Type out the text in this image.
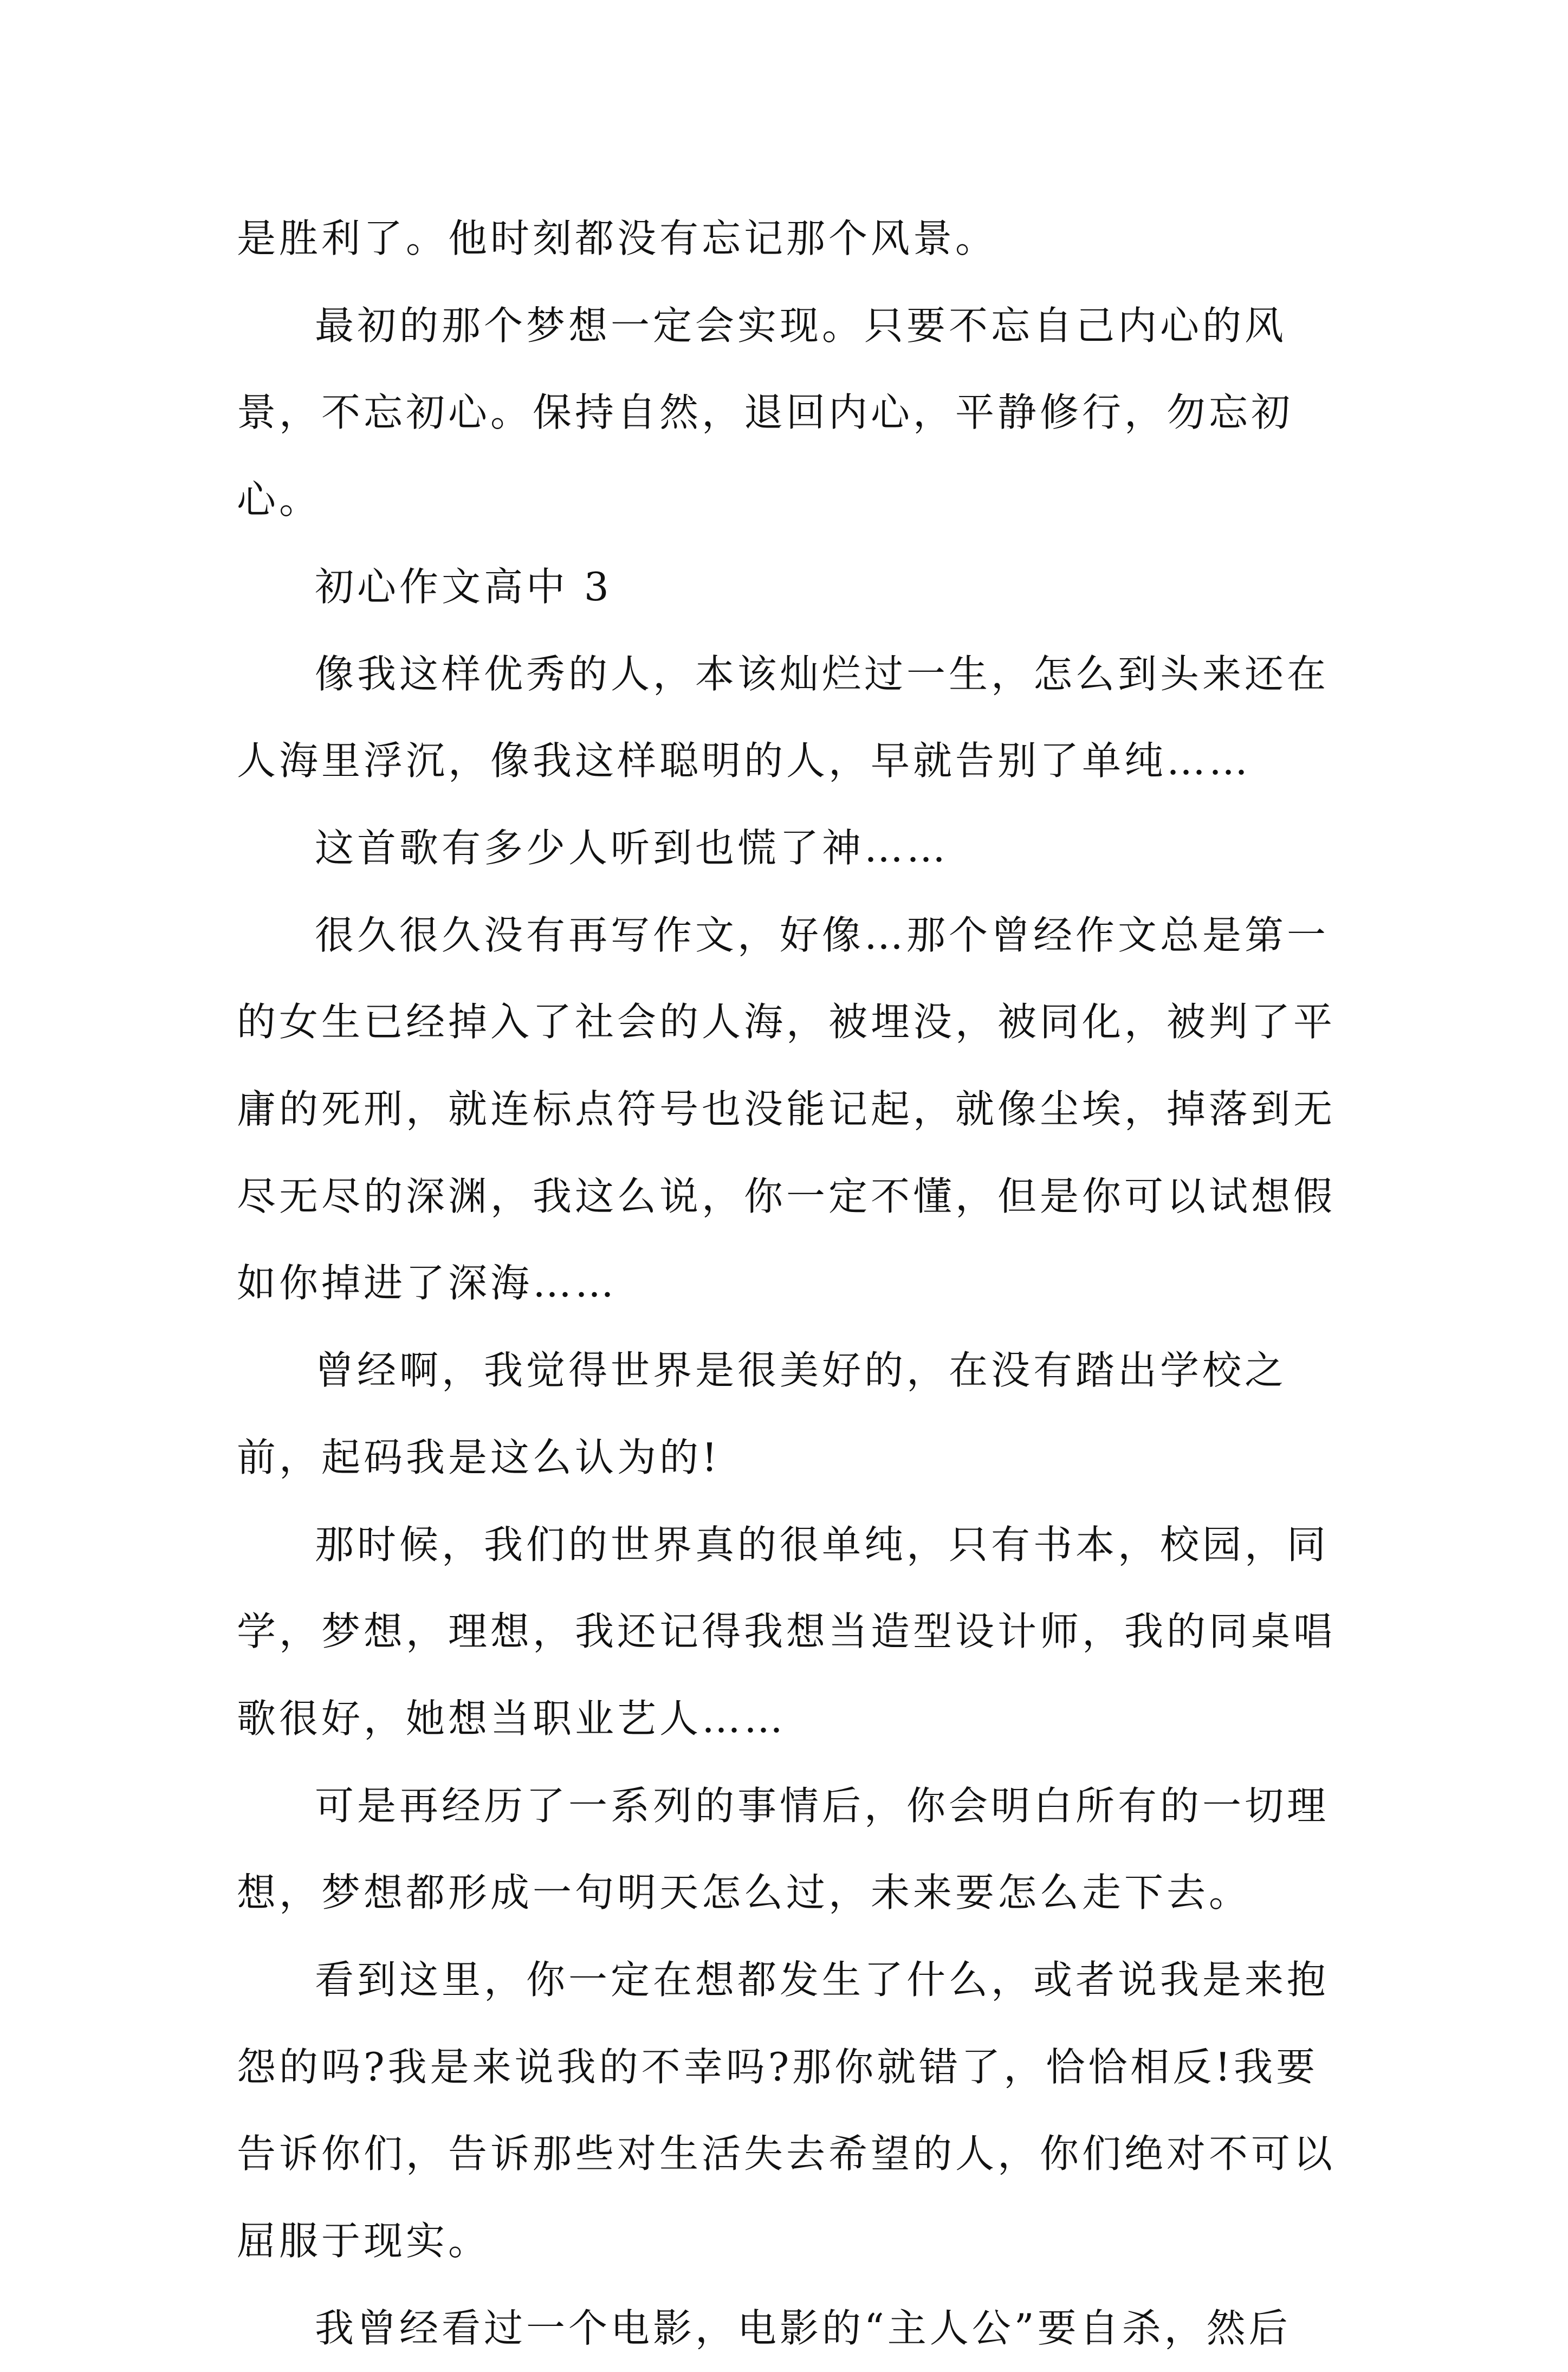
是胜利了。他时刻都没有忘记那个风景。

最初的那个梦想一定会实现。只要不忘自己内心的风景，不忘初心。保持自然，退回内心，平静修行，勿忘初心。

初心作文高中 3

像我这样优秀的人，本该灿烂过一生，怎么到头来还在人海里浮沉，像我这样聪明的人，早就告别了单纯……

这首歌有多少人听到也慌了神……

很久很久没有再写作文，好像…那个曾经作文总是第一的女生已经掉入了社会的人海，被埋没，被同化，被判了平庸的死刑，就连标点符号也没能记起，就像尘埃，掉落到无尽无尽的深渊，我这么说，你一定不懂，但是你可以试想假如你掉进了深海……

曾经啊，我觉得世界是很美好的，在没有踏出学校之前，起码我是这么认为的!

那时候，我们的世界真的很单纯，只有书本，校园，同学，梦想，理想，我还记得我想当造型设计师，我的同桌唱歌很好，她想当职业艺人……

可是再经历了一系列的事情后，你会明白所有的一切理想，梦想都形成一句明天怎么过，未来要怎么走下去。

看到这里，你一定在想都发生了什么，或者说我是来抱怨的吗?我是来说我的不幸吗?那你就错了，恰恰相反!我要告诉你们，告诉那些对生活失去希望的人，你们绝对不可以屈服于现实。

我曾经看过一个电影，电影的“主人公”要自杀，然后
